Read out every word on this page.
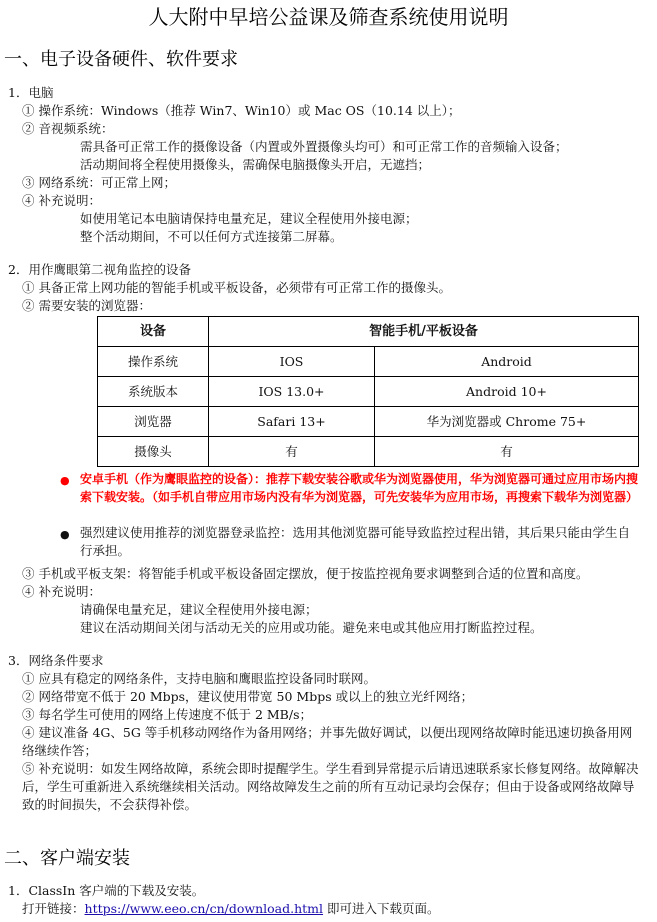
人大附中早培公益课及筛查系统使用说明
一、电子设备硬件、软件要求
1．电脑
① 操作系统：Windows（推荐 Win7、Win10）或 Mac OS（10.14 以上）；
② 音视频系统：
需具备可正常工作的摄像设备（内置或外置摄像头均可）和可正常工作的音频输入设备；
活动期间将全程使用摄像头，需确保电脑摄像头开启，无遮挡；
③ 网络系统：可正常上网；
④ 补充说明：
如使用笔记本电脑请保持电量充足，建议全程使用外接电源；
整个活动期间，不可以任何方式连接第二屏幕。
2．用作鹰眼第二视角监控的设备
① 具备正常上网功能的智能手机或平板设备，必须带有可正常工作的摄像头。
② 需要安装的浏览器：
设备	智能手机/平板设备	
操作系统	IOS	Android
系统版本	IOS 13.0+	Android 10+
浏览器	Safari 13+	华为浏览器或 Chrome 75+
摄像头	有	有
● 安卓手机（作为鹰眼监控的设备）：推荐下载安装谷歌或华为浏览器使用，华为浏览器可通过应用市场内搜索下载安装。（如手机自带应用市场内没有华为浏览器，可先安装华为应用市场，再搜索下载华为浏览器）
● 强烈建议使用推荐的浏览器登录监控：选用其他浏览器可能导致监控过程出错，其后果只能由学生自行承担。
③ 手机或平板支架：将智能手机或平板设备固定摆放，便于按监控视角要求调整到合适的位置和高度。
④ 补充说明：
请确保电量充足，建议全程使用外接电源；
建议在活动期间关闭与活动无关的应用或功能。避免来电或其他应用打断监控过程。
3．网络条件要求
① 应具有稳定的网络条件，支持电脑和鹰眼监控设备同时联网。
② 网络带宽不低于 20 Mbps，建议使用带宽 50 Mbps 或以上的独立光纤网络；
③ 每名学生可使用的网络上传速度不低于 2 MB/s；
④ 建议准备 4G、5G 等手机移动网络作为备用网络；并事先做好调试，以便出现网络故障时能迅速切换备用网络继续作答；
⑤ 补充说明：如发生网络故障，系统会即时提醒学生。学生看到异常提示后请迅速联系家长修复网络。故障解决后，学生可重新进入系统继续相关活动。网络故障发生之前的所有互动记录均会保存；但由于设备或网络故障导致的时间损失，不会获得补偿。
二、客户端安装
1．ClassIn 客户端的下载及安装。
打开链接：https://www.eeo.cn/cn/download.html 即可进入下载页面。
